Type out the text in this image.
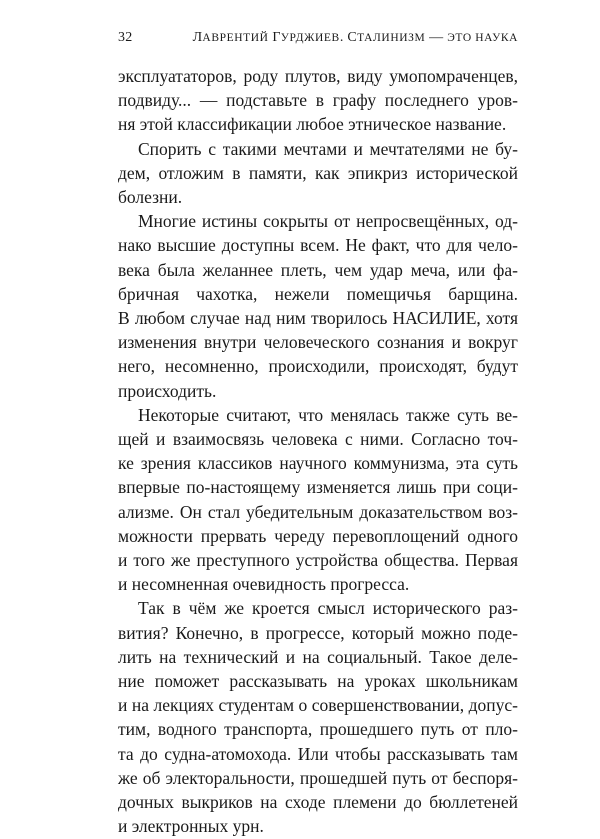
32	ЛАВРЕНТИЙ ГУРДЖИЕВ. СТАЛИНИЗМ — ЭТО НАУКА

эксплуататоров, роду плутов, виду умопомраченцев,
подвиду... — подставьте в графу последнего уров-
ня этой классификации любое этническое название.

Спорить с такими мечтами и мечтателями не бу-
дем, отложим в памяти, как эпикриз исторической
болезни.

Многие истины сокрыты от непросвещённых, од-
нако высшие доступны всем. Не факт, что для чело-
века была желаннее плеть, чем удар меча, или фа-
бричная чахотка, нежели помещичья барщина.
В любом случае над ним творилось НАСИЛИЕ, хотя
изменения внутри человеческого сознания и вокруг
него, несомненно, происходили, происходят, будут
происходить.

Некоторые считают, что менялась также суть ве-
щей и взаимосвязь человека с ними. Согласно точ-
ке зрения классиков научного коммунизма, эта суть
впервые по-настоящему изменяется лишь при соци-
ализме. Он стал убедительным доказательством воз-
можности прервать череду перевоплощений одного
и того же преступного устройства общества. Первая
и несомненная очевидность прогресса.

Так в чём же кроется смысл исторического раз-
вития? Конечно, в прогрессе, который можно поде-
лить на технический и на социальный. Такое деле-
ние поможет рассказывать на уроках школьникам
и на лекциях студентам о совершенствовании, допус-
тим, водного транспорта, прошедшего путь от пло-
та до судна-атомохода. Или чтобы рассказывать там
же об электоральности, прошедшей путь от беспоря-
дочных выкриков на сходе племени до бюллетеней
и электронных урн.
